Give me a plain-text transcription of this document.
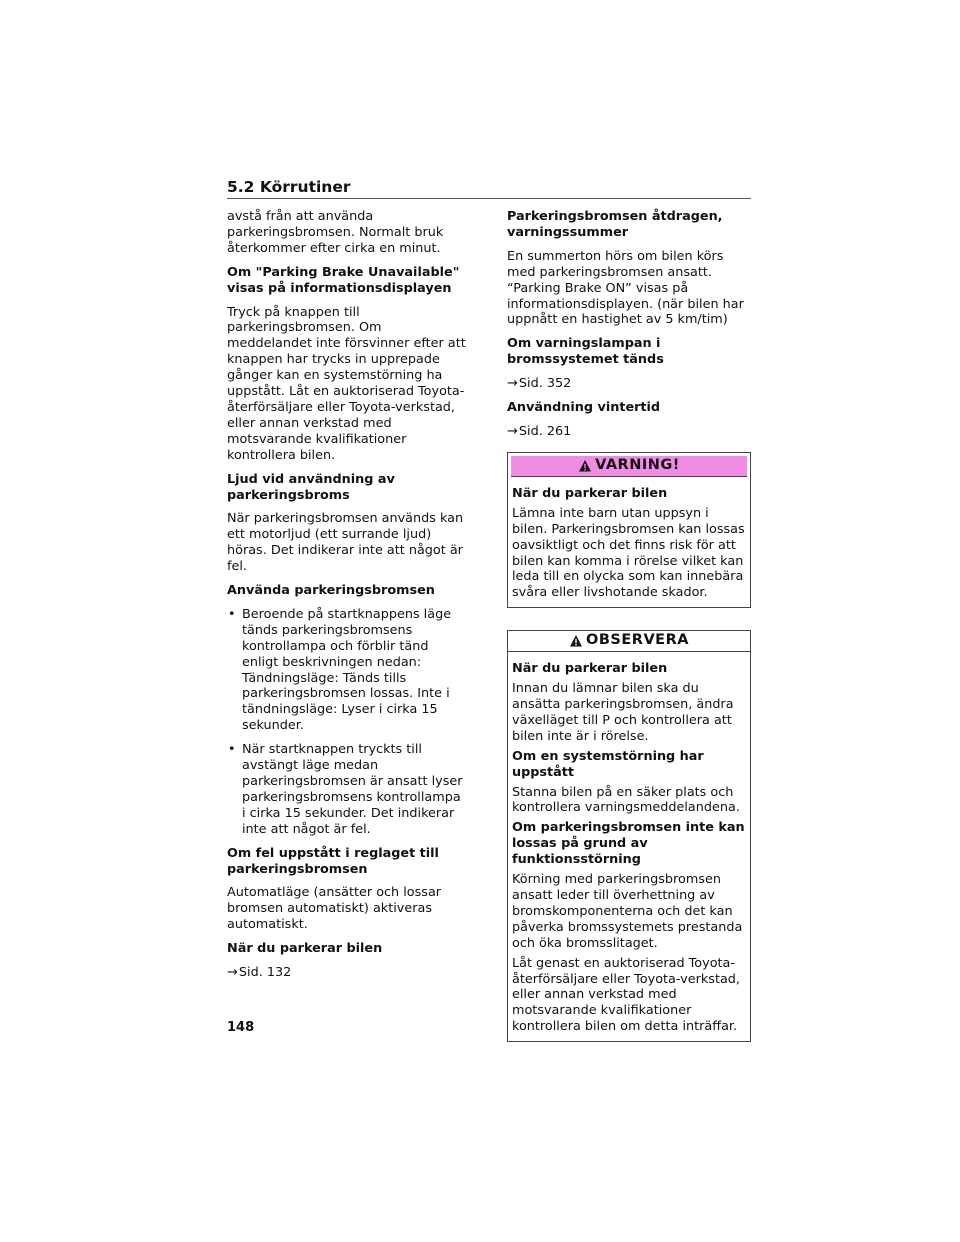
5.2 Körrutiner

avstå från att använda parkeringsbromsen. Normalt bruk återkommer efter cirka en minut.

Om "Parking Brake Unavailable" visas på informationsdisplayen

Tryck på knappen till parkeringsbromsen. Om meddelandet inte försvinner efter att knappen har trycks in upprepade gånger kan en systemstörning ha uppstått. Låt en auktoriserad Toyota-återförsäljare eller Toyota-verkstad, eller annan verkstad med motsvarande kvalifikationer kontrollera bilen.

Ljud vid användning av parkeringsbroms

När parkeringsbromsen används kan ett motorljud (ett surrande ljud) höras. Det indikerar inte att något är fel.

Använda parkeringsbromsen

• Beroende på startknappens läge tänds parkeringsbromsens kontrollampa och förblir tänd enligt beskrivningen nedan: Tändningsläge: Tänds tills parkeringsbromsen lossas. Inte i tändningsläge: Lyser i cirka 15 sekunder.
• När startknappen tryckts till avstängt läge medan parkeringsbromsen är ansatt lyser parkeringsbromsens kontrollampa i cirka 15 sekunder. Det indikerar inte att något är fel.

Om fel uppstått i reglaget till parkeringsbromsen

Automatläge (ansätter och lossar bromsen automatiskt) aktiveras automatiskt.

När du parkerar bilen

→Sid. 132

Parkeringsbromsen åtdragen, varningssummer

En summerton hörs om bilen körs med parkeringsbromsen ansatt. “Parking Brake ON” visas på informationsdisplayen. (när bilen har uppnått en hastighet av 5 km/tim)

Om varningslampan i bromssystemet tänds

→Sid. 352

Användning vintertid

→Sid. 261

VARNING!

När du parkerar bilen

Lämna inte barn utan uppsyn i bilen. Parkeringsbromsen kan lossas oavsiktligt och det finns risk för att bilen kan komma i rörelse vilket kan leda till en olycka som kan innebära svåra eller livshotande skador.

OBSERVERA

När du parkerar bilen

Innan du lämnar bilen ska du ansätta parkeringsbromsen, ändra växelläget till P och kontrollera att bilen inte är i rörelse.

Om en systemstörning har uppstått

Stanna bilen på en säker plats och kontrollera varningsmeddelandena.

Om parkeringsbromsen inte kan lossas på grund av funktionsstörning

Körning med parkeringsbromsen ansatt leder till överhettning av bromskomponenterna och det kan påverka bromssystemets prestanda och öka bromsslitaget.

Låt genast en auktoriserad Toyota-återförsäljare eller Toyota-verkstad, eller annan verkstad med motsvarande kvalifikationer kontrollera bilen om detta inträffar.

148
